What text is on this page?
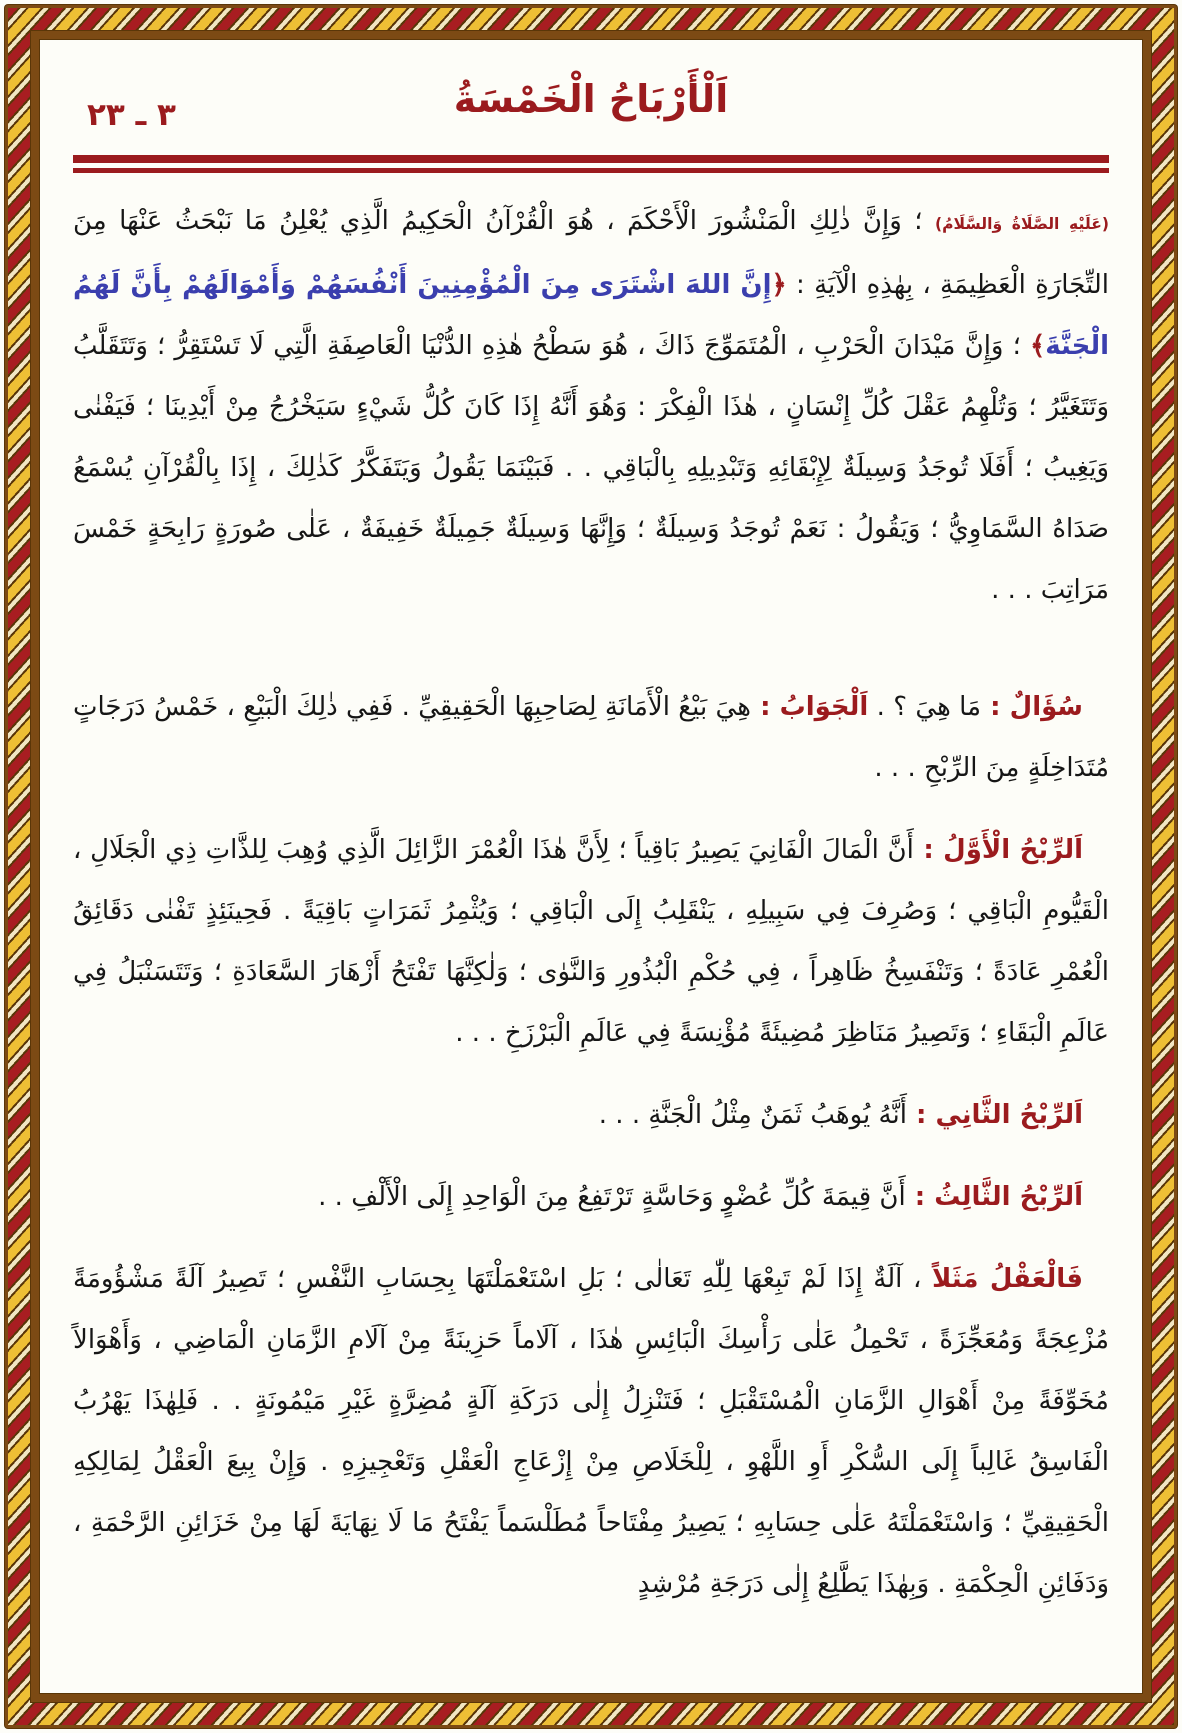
اَلْأَرْبَاحُ الْخَمْسَةُ
٣ ـ ٢٣

(عَلَيْهِ الصَّلَاةُ وَالسَّلَامُ) ؛ وَإِنَّ ذٰلِكِ الْمَنْشُورَ الْأَحْكَمَ ، هُوَ الْقُرْآنُ الْحَكِيمُ الَّذِي يُعْلِنُ مَا نَبْحَثُ عَنْهَا مِنَ التِّجَارَةِ الْعَظِيمَةِ ، بِهٰذِهِ الْآيَةِ : ﴿إِنَّ اللهَ اشْتَرَى مِنَ الْمُؤْمِنِينَ أَنْفُسَهُمْ وَأَمْوَالَهُمْ بِأَنَّ لَهُمُ الْجَنَّةَ﴾ ؛ وَإِنَّ مَيْدَانَ الْحَرْبِ ، الْمُتَمَوِّجَ ذَاكَ ، هُوَ سَطْحُ هٰذِهِ الدُّنْيَا الْعَاصِفَةِ الَّتِي لَا تَسْتَقِرُّ ؛ وَتَتَقَلَّبُ وَتَتَغَيَّرُ ؛ وَتُلْهِمُ عَقْلَ كُلِّ إِنْسَانٍ ، هٰذَا الْفِكْرَ : وَهُوَ أَنَّهُ إِذَا كَانَ كُلُّ شَيْءٍ سَيَخْرُجُ مِنْ أَيْدِينَا ؛ فَيَفْنٰى وَيَغِيبُ ؛ أَفَلَا تُوجَدُ وَسِيلَةٌ لِإِبْقَائِهِ وَتَبْدِيلِهِ بِالْبَاقِي . . فَبَيْنَمَا يَقُولُ وَيَتَفَكَّرُ كَذٰلِكَ ، إِذَا بِالْقُرْآنِ يُسْمَعُ صَدَاهُ السَّمَاوِيُّ ؛ وَيَقُولُ : نَعَمْ تُوجَدُ وَسِيلَةٌ ؛ وَإِنَّهَا وَسِيلَةٌ جَمِيلَةٌ خَفِيفَةٌ ، عَلٰى صُورَةٍ رَابِحَةٍ خَمْسَ مَرَاتِبَ . . .

سُؤَالٌ : مَا هِيَ ؟ . اَلْجَوَابُ : هِيَ بَيْعُ الْأَمَانَةِ لِصَاحِبِهَا الْحَقِيقِيِّ . فَفِي ذٰلِكَ الْبَيْعِ ، خَمْسُ دَرَجَاتٍ مُتَدَاخِلَةٍ مِنَ الرِّبْحِ . . .

اَلرِّبْحُ الْأَوَّلُ : أَنَّ الْمَالَ الْفَانِيَ يَصِيرُ بَاقِياً ؛ لِأَنَّ هٰذَا الْعُمْرَ الزَّائِلَ الَّذِي وُهِبَ لِلذَّاتِ ذِي الْجَلَالِ ، الْقَيُّومِ الْبَاقِي ؛ وَصُرِفَ فِي سَبِيلِهِ ، يَنْقَلِبُ إِلَى الْبَاقِي ؛ وَيُثْمِرُ ثَمَرَاتٍ بَاقِيَةً . فَحِينَئِذٍ تَفْنٰى دَقَائِقُ الْعُمْرِ عَادَةً ؛ وَتَنْفَسِخُ ظَاهِراً ، فِي حُكْمِ الْبُذُورِ وَالنَّوٰى ؛ وَلٰكِنَّهَا تَفْتَحُ أَزْهَارَ السَّعَادَةِ ؛ وَتَتَسَنْبَلُ فِي عَالَمِ الْبَقَاءِ ؛ وَتَصِيرُ مَنَاظِرَ مُضِيئَةً مُؤْنِسَةً فِي عَالَمِ الْبَرْزَخِ . . .

اَلرِّبْحُ الثَّانِي : أَنَّهُ يُوهَبُ ثَمَنٌ مِثْلُ الْجَنَّةِ . . .

اَلرِّبْحُ الثَّالِثُ : أَنَّ قِيمَةَ كُلِّ عُضْوٍ وَحَاسَّةٍ تَرْتَفِعُ مِنَ الْوَاحِدِ إِلَى الْأَلْفِ . .

فَالْعَقْلُ مَثَلاً ، آلَةٌ إِذَا لَمْ تَبِعْهَا لِلّٰهِ تَعَالٰى ؛ بَلِ اسْتَعْمَلْتَهَا بِحِسَابِ النَّفْسِ ؛ تَصِيرُ آلَةً مَشْؤُومَةً مُزْعِجَةً وَمُعَجِّزَةً ، تَحْمِلُ عَلٰى رَأْسِكَ الْبَائِسِ هٰذَا ، آلَاماً حَزِينَةً مِنْ آلَامِ الزَّمَانِ الْمَاضِي ، وَأَهْوَالاً مُخَوِّفَةً مِنْ أَهْوَالِ الزَّمَانِ الْمُسْتَقْبَلِ ؛ فَتَنْزِلُ إِلٰى دَرَكَةِ آلَةٍ مُضِرَّةٍ غَيْرِ مَيْمُونَةٍ . . فَلِهٰذَا يَهْرُبُ الْفَاسِقُ غَالِباً إِلَى السُّكْرِ أَوِ اللَّهْوِ ، لِلْخَلَاصِ مِنْ إِزْعَاجِ الْعَقْلِ وَتَعْجِيزِهِ . وَإِنْ بِيعَ الْعَقْلُ لِمَالِكِهِ الْحَقِيقِيِّ ؛ وَاسْتَعْمَلْتَهُ عَلٰى حِسَابِهِ ؛ يَصِيرُ مِفْتَاحاً مُطَلْسَماً يَفْتَحُ مَا لَا نِهَايَةَ لَهَا مِنْ خَزَائِنِ الرَّحْمَةِ ، وَدَفَائِنِ الْحِكْمَةِ . وَبِهٰذَا يَطَّلِعُ إِلٰى دَرَجَةِ مُرْشِدٍ
